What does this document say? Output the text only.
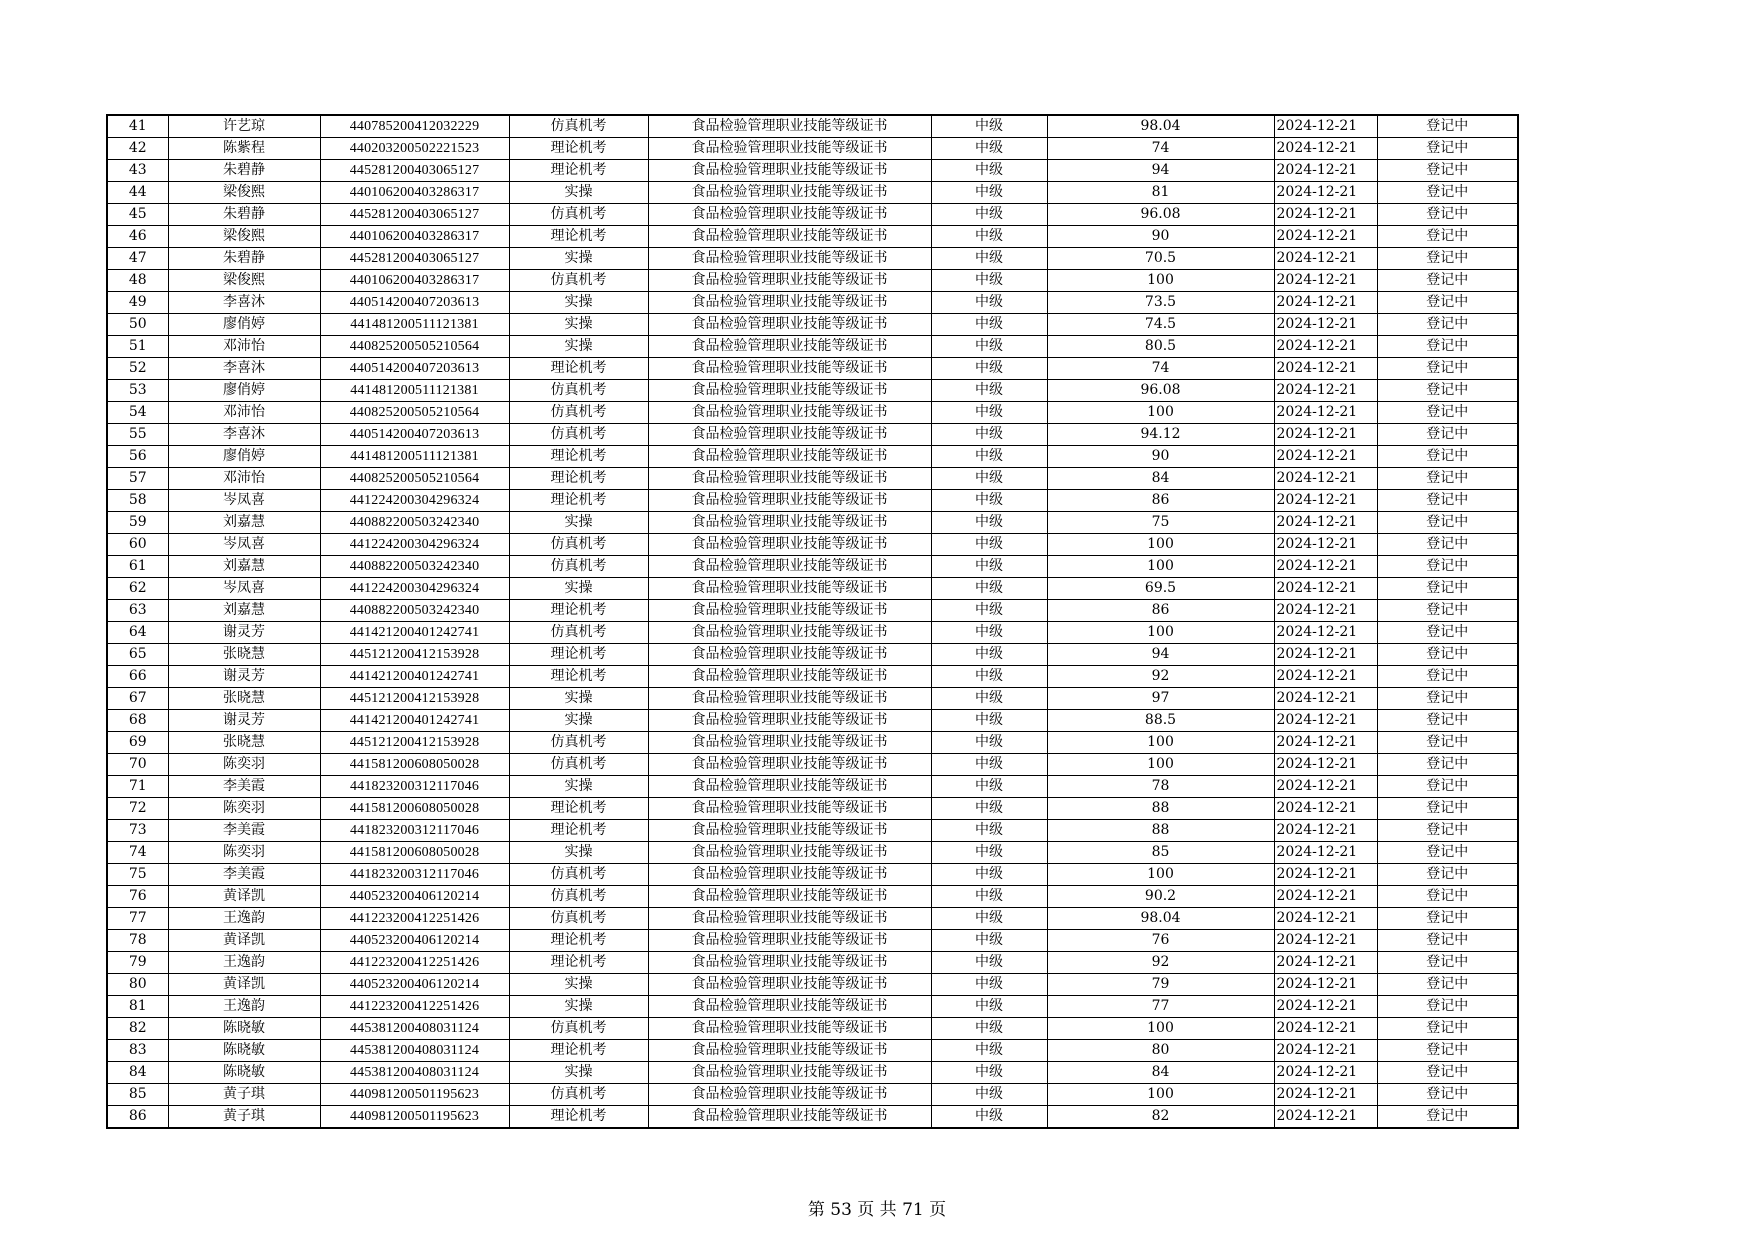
41	许艺琼	440785200412032229	仿真机考	食品检验管理职业技能等级证书	中级	98.04	2024-12-21	登记中
42	陈紫程	440203200502221523	理论机考	食品检验管理职业技能等级证书	中级	74	2024-12-21	登记中
43	朱碧静	445281200403065127	理论机考	食品检验管理职业技能等级证书	中级	94	2024-12-21	登记中
44	梁俊熙	440106200403286317	实操	食品检验管理职业技能等级证书	中级	81	2024-12-21	登记中
45	朱碧静	445281200403065127	仿真机考	食品检验管理职业技能等级证书	中级	96.08	2024-12-21	登记中
46	梁俊熙	440106200403286317	理论机考	食品检验管理职业技能等级证书	中级	90	2024-12-21	登记中
47	朱碧静	445281200403065127	实操	食品检验管理职业技能等级证书	中级	70.5	2024-12-21	登记中
48	梁俊熙	440106200403286317	仿真机考	食品检验管理职业技能等级证书	中级	100	2024-12-21	登记中
49	李喜沐	440514200407203613	实操	食品检验管理职业技能等级证书	中级	73.5	2024-12-21	登记中
50	廖俏婷	441481200511121381	实操	食品检验管理职业技能等级证书	中级	74.5	2024-12-21	登记中
51	邓沛怡	440825200505210564	实操	食品检验管理职业技能等级证书	中级	80.5	2024-12-21	登记中
52	李喜沐	440514200407203613	理论机考	食品检验管理职业技能等级证书	中级	74	2024-12-21	登记中
53	廖俏婷	441481200511121381	仿真机考	食品检验管理职业技能等级证书	中级	96.08	2024-12-21	登记中
54	邓沛怡	440825200505210564	仿真机考	食品检验管理职业技能等级证书	中级	100	2024-12-21	登记中
55	李喜沐	440514200407203613	仿真机考	食品检验管理职业技能等级证书	中级	94.12	2024-12-21	登记中
56	廖俏婷	441481200511121381	理论机考	食品检验管理职业技能等级证书	中级	90	2024-12-21	登记中
57	邓沛怡	440825200505210564	理论机考	食品检验管理职业技能等级证书	中级	84	2024-12-21	登记中
58	岑凤喜	441224200304296324	理论机考	食品检验管理职业技能等级证书	中级	86	2024-12-21	登记中
59	刘嘉慧	440882200503242340	实操	食品检验管理职业技能等级证书	中级	75	2024-12-21	登记中
60	岑凤喜	441224200304296324	仿真机考	食品检验管理职业技能等级证书	中级	100	2024-12-21	登记中
61	刘嘉慧	440882200503242340	仿真机考	食品检验管理职业技能等级证书	中级	100	2024-12-21	登记中
62	岑凤喜	441224200304296324	实操	食品检验管理职业技能等级证书	中级	69.5	2024-12-21	登记中
63	刘嘉慧	440882200503242340	理论机考	食品检验管理职业技能等级证书	中级	86	2024-12-21	登记中
64	谢灵芳	441421200401242741	仿真机考	食品检验管理职业技能等级证书	中级	100	2024-12-21	登记中
65	张晓慧	445121200412153928	理论机考	食品检验管理职业技能等级证书	中级	94	2024-12-21	登记中
66	谢灵芳	441421200401242741	理论机考	食品检验管理职业技能等级证书	中级	92	2024-12-21	登记中
67	张晓慧	445121200412153928	实操	食品检验管理职业技能等级证书	中级	97	2024-12-21	登记中
68	谢灵芳	441421200401242741	实操	食品检验管理职业技能等级证书	中级	88.5	2024-12-21	登记中
69	张晓慧	445121200412153928	仿真机考	食品检验管理职业技能等级证书	中级	100	2024-12-21	登记中
70	陈奕羽	441581200608050028	仿真机考	食品检验管理职业技能等级证书	中级	100	2024-12-21	登记中
71	李美霞	441823200312117046	实操	食品检验管理职业技能等级证书	中级	78	2024-12-21	登记中
72	陈奕羽	441581200608050028	理论机考	食品检验管理职业技能等级证书	中级	88	2024-12-21	登记中
73	李美霞	441823200312117046	理论机考	食品检验管理职业技能等级证书	中级	88	2024-12-21	登记中
74	陈奕羽	441581200608050028	实操	食品检验管理职业技能等级证书	中级	85	2024-12-21	登记中
75	李美霞	441823200312117046	仿真机考	食品检验管理职业技能等级证书	中级	100	2024-12-21	登记中
76	黄译凯	440523200406120214	仿真机考	食品检验管理职业技能等级证书	中级	90.2	2024-12-21	登记中
77	王逸韵	441223200412251426	仿真机考	食品检验管理职业技能等级证书	中级	98.04	2024-12-21	登记中
78	黄译凯	440523200406120214	理论机考	食品检验管理职业技能等级证书	中级	76	2024-12-21	登记中
79	王逸韵	441223200412251426	理论机考	食品检验管理职业技能等级证书	中级	92	2024-12-21	登记中
80	黄译凯	440523200406120214	实操	食品检验管理职业技能等级证书	中级	79	2024-12-21	登记中
81	王逸韵	441223200412251426	实操	食品检验管理职业技能等级证书	中级	77	2024-12-21	登记中
82	陈晓敏	445381200408031124	仿真机考	食品检验管理职业技能等级证书	中级	100	2024-12-21	登记中
83	陈晓敏	445381200408031124	理论机考	食品检验管理职业技能等级证书	中级	80	2024-12-21	登记中
84	陈晓敏	445381200408031124	实操	食品检验管理职业技能等级证书	中级	84	2024-12-21	登记中
85	黄子琪	440981200501195623	仿真机考	食品检验管理职业技能等级证书	中级	100	2024-12-21	登记中
86	黄子琪	440981200501195623	理论机考	食品检验管理职业技能等级证书	中级	82	2024-12-21	登记中
第 53 页 共 71 页
